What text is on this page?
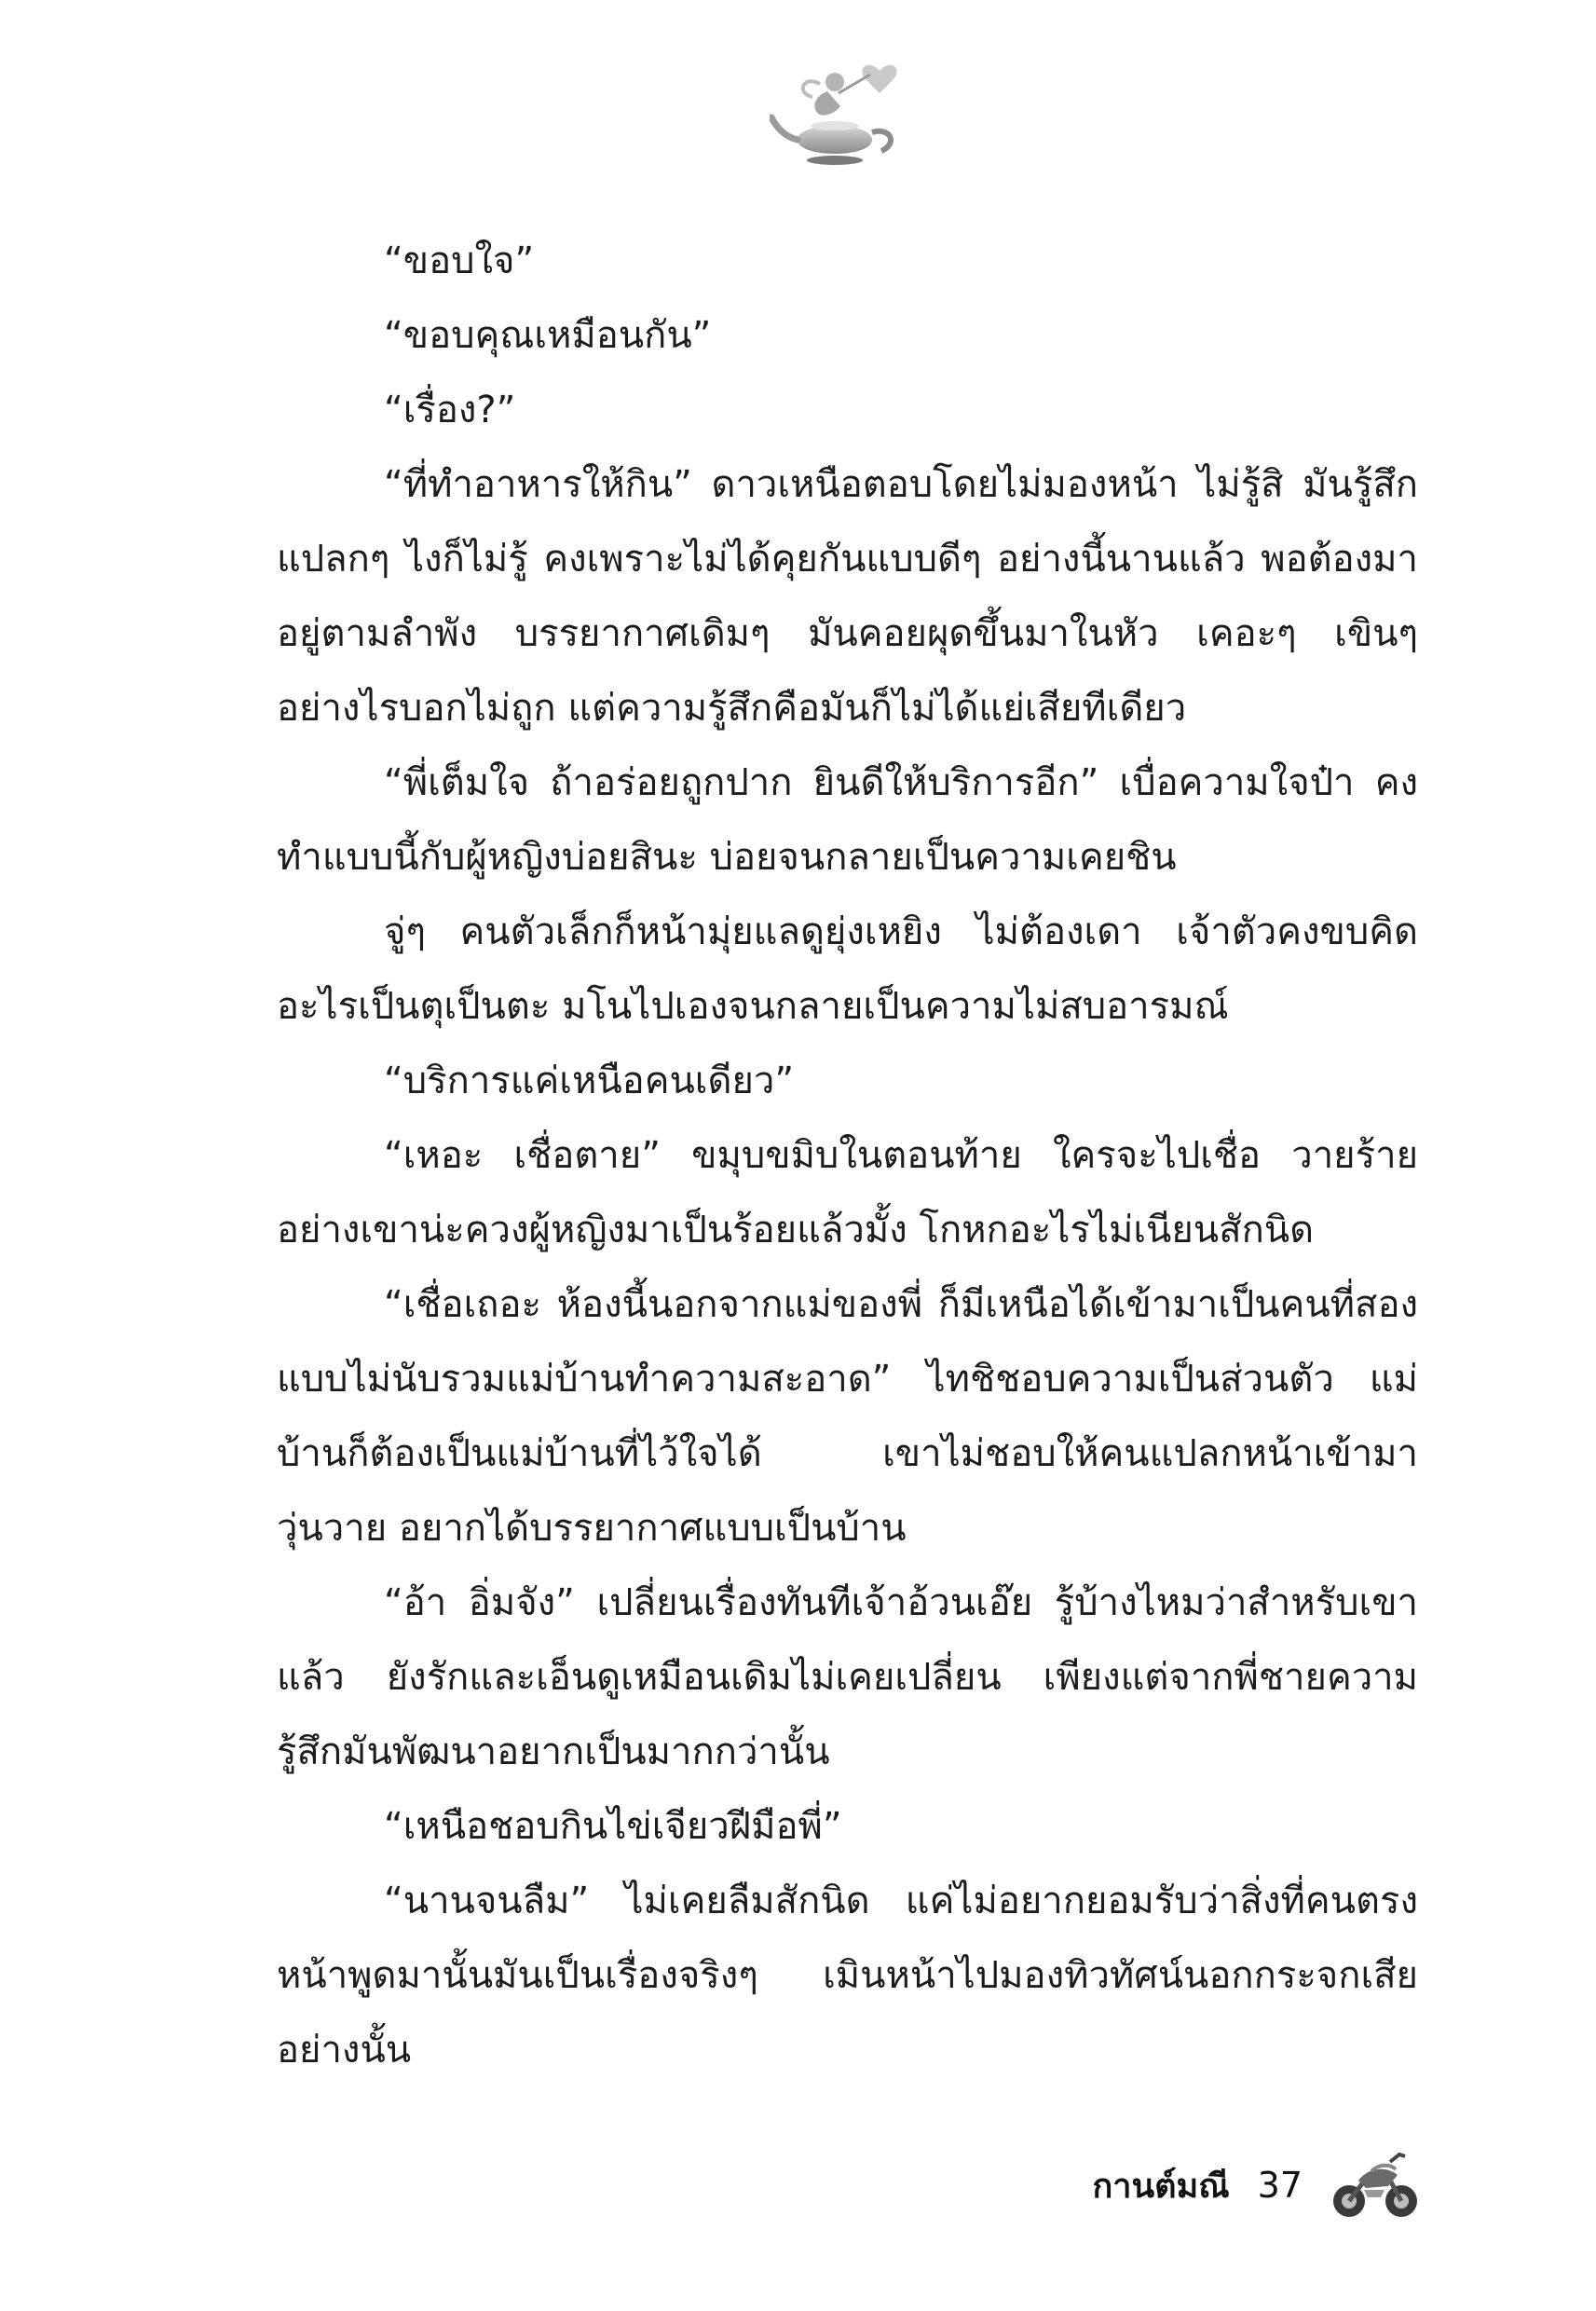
“ขอบใจ”

“ขอบคุณเหมือนกัน”

“เรื่อง?”

“ที่ทำอาหารให้กิน” ดาวเหนือตอบโดยไม่มองหน้า ไม่รู้สิ มันรู้สึกแปลกๆ ไงก็ไม่รู้ คงเพราะไม่ได้คุยกันแบบดีๆ อย่างนี้นานแล้ว พอต้องมาอยู่ตามลำพัง บรรยากาศเดิมๆ มันคอยผุดขึ้นมาในหัว เคอะๆ เขินๆ อย่างไรบอกไม่ถูก แต่ความรู้สึกคือมันก็ไม่ได้แย่เสียทีเดียว

“พี่เต็มใจ ถ้าอร่อยถูกปาก ยินดีให้บริการอีก” เบื่อความใจป๋า คงทำแบบนี้กับผู้หญิงบ่อยสินะ บ่อยจนกลายเป็นความเคยชิน

จู่ๆ คนตัวเล็กก็หน้ามุ่ยแลดูยุ่งเหยิง ไม่ต้องเดา เจ้าตัวคงขบคิดอะไรเป็นตุเป็นตะ มโนไปเองจนกลายเป็นความไม่สบอารมณ์

“บริการแค่เหนือคนเดียว”

“เหอะ เชื่อตาย” ขมุบขมิบในตอนท้าย ใครจะไปเชื่อ วายร้ายอย่างเขาน่ะควงผู้หญิงมาเป็นร้อยแล้วมั้ง โกหกอะไรไม่เนียนสักนิด

“เชื่อเถอะ ห้องนี้นอกจากแม่ของพี่ ก็มีเหนือได้เข้ามาเป็นคนที่สอง แบบไม่นับรวมแม่บ้านทำความสะอาด” ไทชิชอบความเป็นส่วนตัว แม่บ้านก็ต้องเป็นแม่บ้านที่ไว้ใจได้ เขาไม่ชอบให้คนแปลกหน้าเข้ามาวุ่นวาย อยากได้บรรยากาศแบบเป็นบ้าน

“อ้า อิ่มจัง” เปลี่ยนเรื่องทันทีเจ้าอ้วนเอ๊ย รู้บ้างไหมว่าสำหรับเขาแล้ว ยังรักและเอ็นดูเหมือนเดิมไม่เคยเปลี่ยน เพียงแต่จากพี่ชายความรู้สึกมันพัฒนาอยากเป็นมากกว่านั้น

“เหนือชอบกินไข่เจียวฝีมือพี่”

“นานจนลืม” ไม่เคยลืมสักนิด แค่ไม่อยากยอมรับว่าสิ่งที่คนตรงหน้าพูดมานั้นมันเป็นเรื่องจริงๆ เมินหน้าไปมองทิวทัศน์นอกกระจกเสียอย่างนั้น

กานต์มณี 37
